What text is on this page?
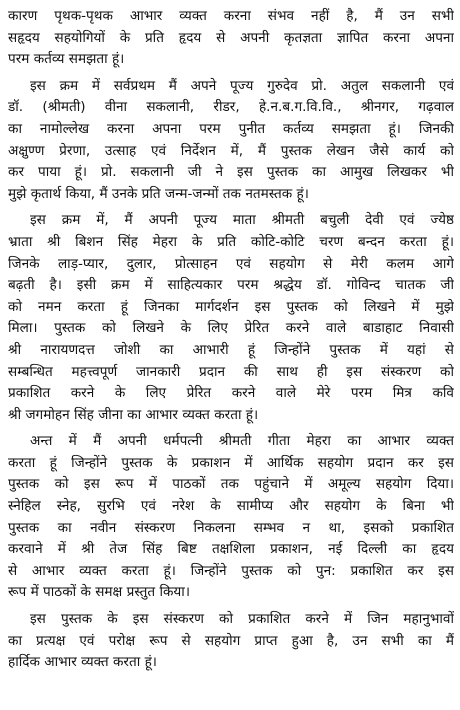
कारण पृथक-पृथक आभार व्यक्त करना संभव नहीं है, मैं उन सभी
सहृदय सहयोगियों के प्रति हृदय से अपनी कृतज्ञता ज्ञापित करना अपना
परम कर्तव्य समझता हूं।
इस क्रम में सर्वप्रथम मैं अपने पूज्य गुरुदेव प्रो. अतुल सकलानी एवं
डॉ. (श्रीमती) वीना सकलानी, रीडर, हे.न.ब.ग.वि.वि., श्रीनगर, गढ़वाल
का नामोल्लेख करना अपना परम पुनीत कर्तव्य समझता हूं। जिनकी
अक्षुण्ण प्रेरणा, उत्साह एवं निर्देशन में, मैं पुस्तक लेखन जैसे कार्य को
कर पाया हूं। प्रो. सकलानी जी ने इस पुस्तक का आमुख लिखकर भी
मुझे कृतार्थ किया, मैं उनके प्रति जन्म-जन्मों तक नतमस्तक हूं।
इस क्रम में, मैं अपनी पूज्य माता श्रीमती बचुली देवी एवं ज्येष्ठ
भ्राता श्री बिशन सिंह मेहरा के प्रति कोटि-कोटि चरण बन्दन करता हूं।
जिनके लाड़-प्यार, दुलार, प्रोत्साहन एवं सहयोग से मेरी कलम आगे
बढ़ती है। इसी क्रम में साहित्यकार परम श्रद्धेय डॉ. गोविन्द चातक जी
को नमन करता हूं जिनका मार्गदर्शन इस पुस्तक को लिखने में मुझे
मिला। पुस्तक को लिखने के लिए प्रेरित करने वाले बाडाहाट निवासी
श्री नारायणदत्त जोशी का आभारी हूं जिन्होंने पुस्तक में यहां से
सम्बन्धित महत्त्वपूर्ण जानकारी प्रदान की साथ ही इस संस्करण को
प्रकाशित करने के लिए प्रेरित करने वाले मेरे परम मित्र कवि
श्री जगमोहन सिंह जीना का आभार व्यक्त करता हूं।
अन्त में मैं अपनी धर्मपत्नी श्रीमती गीता मेहरा का आभार व्यक्त
करता हूं जिन्होंने पुस्तक के प्रकाशन में आर्थिक सहयोग प्रदान कर इस
पुस्तक को इस रूप में पाठकों तक पहुंचाने में अमूल्य सहयोग दिया।
स्नेहिल स्नेह, सुरभि एवं नरेश के सामीप्य और सहयोग के बिना भी
पुस्तक का नवीन संस्करण निकलना सम्भव न था, इसको प्रकाशित
करवाने में श्री तेज सिंह बिष्ट तक्षशिला प्रकाशन, नई दिल्ली का हृदय
से आभार व्यक्त करता हूं। जिन्होंने पुस्तक को पुन: प्रकाशित कर इस
रूप में पाठकों के समक्ष प्रस्तुत किया।
इस पुस्तक के इस संस्करण को प्रकाशित करने में जिन महानुभावों
का प्रत्यक्ष एवं परोक्ष रूप से सहयोग प्राप्त हुआ है, उन सभी का मैं
हार्दिक आभार व्यक्त करता हूं।
